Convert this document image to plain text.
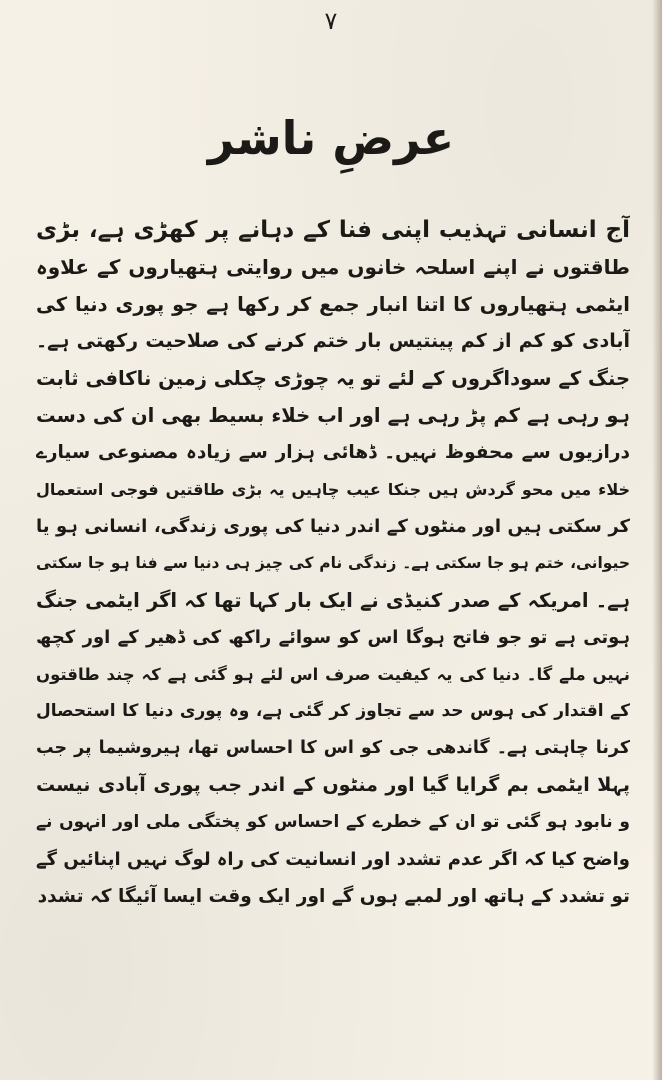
۷
عرضِ ناشر
آج انسانی تہذیب اپنی فنا کے دہانے پر کھڑی ہے، بڑی
طاقتوں نے اپنے اسلحہ خانوں میں روایتی ہتھیاروں کے علاوہ
ایٹمی ہتھیاروں کا اتنا انبار جمع کر رکھا ہے جو پوری دنیا کی
آبادی کو کم از کم پینتیس بار ختم کرنے کی صلاحیت رکھتی ہے۔
جنگ کے سوداگروں کے لئے تو یہ چوڑی چکلی زمین ناکافی ثابت
ہو رہی ہے کم پڑ رہی ہے اور اب خلاء بسیط بھی ان کی دست
درازیوں سے محفوظ نہیں۔ ڈھائی ہزار سے زیادہ مصنوعی سیارے
خلاء میں محو گردش ہیں جنکا عیب چاہیں یہ بڑی طاقتیں فوجی استعمال
کر سکتی ہیں اور منٹوں کے اندر دنیا کی پوری زندگی، انسانی ہو یا
حیوانی، ختم ہو جا سکتی ہے۔ زندگی نام کی چیز ہی دنیا سے فنا ہو جا سکتی
ہے۔ امریکہ کے صدر کنیڈی نے ایک بار کہا تھا کہ اگر ایٹمی جنگ
ہوتی ہے تو جو فاتح ہوگا اس کو سوائے راکھ کی ڈھیر کے اور کچھ
نہیں ملے گا۔ دنیا کی یہ کیفیت صرف اس لئے ہو گئی ہے کہ چند طاقتوں
کے اقتدار کی ہوس حد سے تجاوز کر گئی ہے، وہ پوری دنیا کا استحصال
کرنا چاہتی ہے۔ گاندھی جی کو اس کا احساس تھا، ہیروشیما پر جب
پہلا ایٹمی بم گرایا گیا اور منٹوں کے اندر جب پوری آبادی نیست
و نابود ہو گئی تو ان کے خطرے کے احساس کو پختگی ملی اور انہوں نے
واضح کیا کہ اگر عدم تشدد اور انسانیت کی راہ لوگ نہیں اپنائیں گے
تو تشدد کے ہاتھ اور لمبے ہوں گے اور ایک وقت ایسا آئیگا کہ تشدد
